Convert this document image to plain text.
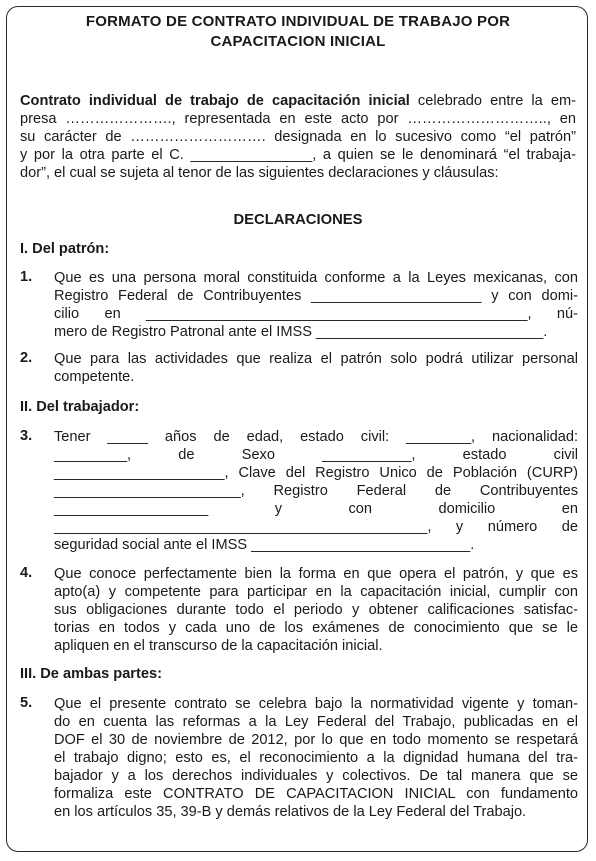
FORMATO DE CONTRATO INDIVIDUAL DE TRABAJO POR
CAPACITACION INICIAL
Contrato individual de trabajo de capacitación inicial celebrado entre la em-
presa …………………., representada en este acto por ……………………….., en
su carácter de ………………………. designada en lo sucesivo como “el patrón”
y por la otra parte el C. _______________, a quien se le denominará “el trabaja-
dor”, el cual se sujeta al tenor de las siguientes declaraciones y cláusulas:
DECLARACIONES
I. Del patrón:
1. Que es una persona moral constituida conforme a la Leyes mexicanas, con
Registro Federal de Contribuyentes _____________________ y con domi-
cilio en _______________________________________________, nú-
mero de Registro Patronal ante el IMSS ____________________________.
2. Que para las actividades que realiza el patrón solo podrá utilizar personal
competente.
II. Del trabajador:
3. Tener _____ años de edad, estado civil: ________, nacionalidad:
_________, de Sexo ___________, estado civil
_____________________, Clave del Registro Unico de Población (CURP)
_______________________, Registro Federal de Contribuyentes
___________________ y con domicilio en
______________________________________________, y número de
seguridad social ante el IMSS ___________________________.
4. Que conoce perfectamente bien la forma en que opera el patrón, y que es
apto(a) y competente para participar en la capacitación inicial, cumplir con
sus obligaciones durante todo el periodo y obtener calificaciones satisfac-
torias en todos y cada uno de los exámenes de conocimiento que se le
apliquen en el transcurso de la capacitación inicial.
III. De ambas partes:
5. Que el presente contrato se celebra bajo la normatividad vigente y toman-
do en cuenta las reformas a la Ley Federal del Trabajo, publicadas en el
DOF el 30 de noviembre de 2012, por lo que en todo momento se respetará
el trabajo digno; esto es, el reconocimiento a la dignidad humana del tra-
bajador y a los derechos individuales y colectivos. De tal manera que se
formaliza este CONTRATO DE CAPACITACION INICIAL con fundamento
en los artículos 35, 39-B y demás relativos de la Ley Federal del Trabajo.
